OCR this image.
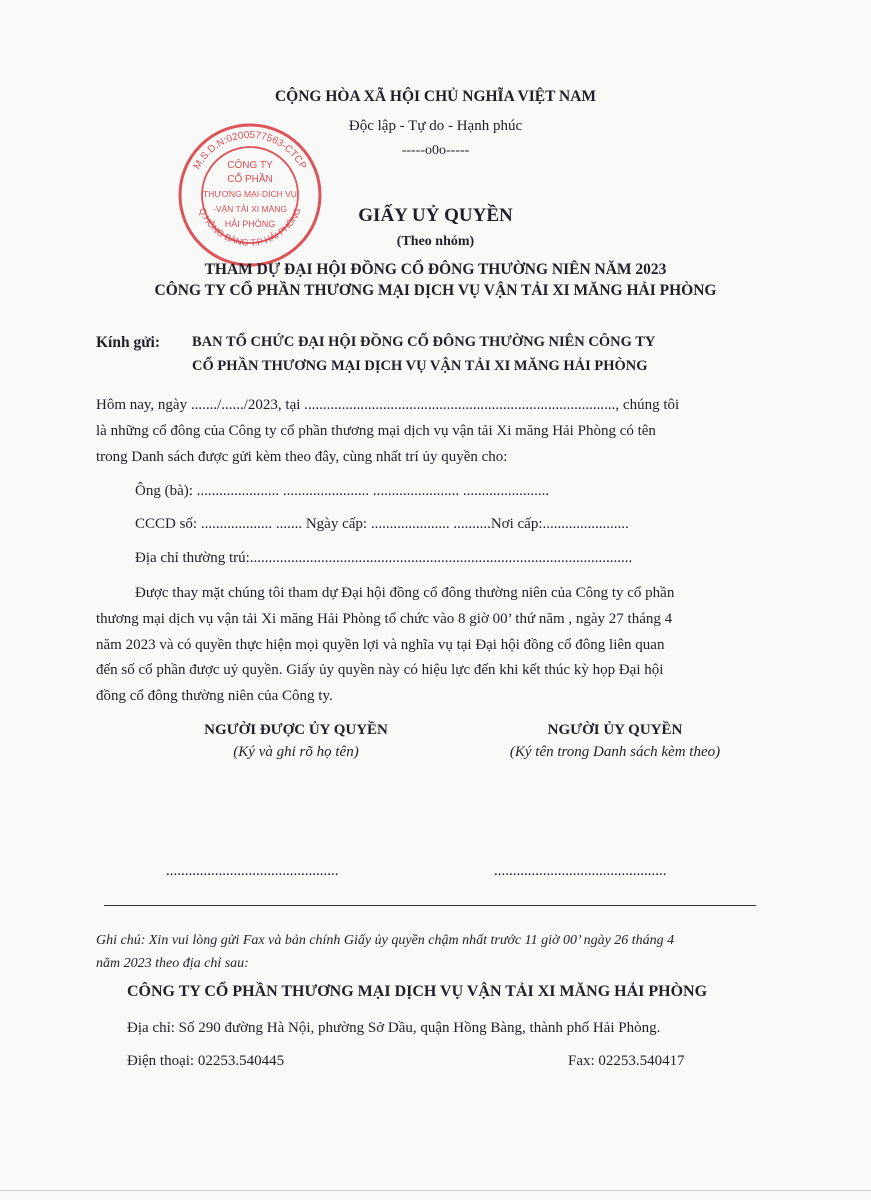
CỘNG HÒA XÃ HỘI CHỦ NGHĨA VIỆT NAM
Độc lập - Tự do - Hạnh phúc
-----o0o-----
M.S.D.N:0200577563-CTCP
Q.HỒNG BÀNG T.P HẢI PHÒNG
CÔNG TY
CỔ PHẦN
THƯƠNG MẠI-DỊCH VỤ
-VẬN TẢI XI MĂNG
HẢI PHÒNG	GIẤY UỶ QUYỀN
(Theo nhóm)
THAM DỰ ĐẠI HỘI ĐỒNG CỔ ĐÔNG THƯỜNG NIÊN NĂM 2023
CÔNG TY CỔ PHẦN THƯƠNG MẠI DỊCH VỤ VẬN TẢI XI MĂNG HẢI PHÒNG
Kính gửi: BAN TỔ CHỨC ĐẠI HỘI ĐỒNG CỔ ĐÔNG THƯỜNG NIÊN CÔNG TY
CỔ PHẦN THƯƠNG MẠI DỊCH VỤ VẬN TẢI XI MĂNG HẢI PHÒNG
Hôm nay, ngày ......./....../2023, tại ..................................................................................., chúng tôi
là những cổ đông của Công ty cổ phần thương mại dịch vụ vận tải Xi măng Hải Phòng có tên
trong Danh sách được gửi kèm theo đây, cùng nhất trí ủy quyền cho:
Ông (bà): ...................... ....................... ....................... .......................
CCCD số: ................... ....... Ngày cấp: ..................... ..........Nơi cấp:.......................
Địa chỉ thường trú:......................................................................................................
Được thay mặt chúng tôi tham dự Đại hội đồng cổ đông thường niên của Công ty cổ phần
thương mại dịch vụ vận tải Xi măng Hải Phòng tổ chức vào 8 giờ 00’ thứ năm , ngày 27 tháng 4
năm 2023 và có quyền thực hiện mọi quyền lợi và nghĩa vụ tại Đại hội đồng cổ đông liên quan
đến số cổ phần được uỷ quyền. Giấy ủy quyền này có hiệu lực đến khi kết thúc kỳ họp Đại hội
đồng cổ đông thường niên của Công ty.
NGƯỜI ĐƯỢC ỦY QUYỀN
(Ký và ghi rõ họ tên)
NGƯỜI ỦY QUYỀN
(Ký tên trong Danh sách kèm theo)
..............................................	..............................................
Ghi chú: Xin vui lòng gửi Fax và bản chính Giấy ủy quyền chậm nhất trước 11 giờ 00’ ngày 26 tháng 4
năm 2023 theo địa chỉ sau:
CÔNG TY CỔ PHẦN THƯƠNG MẠI DỊCH VỤ VẬN TẢI XI MĂNG HẢI PHÒNG
Địa chỉ: Số 290 đường Hà Nội, phường Sở Dầu, quận Hồng Bàng, thành phố Hải Phòng.
Điện thoại: 02253.540445	Fax: 02253.540417
